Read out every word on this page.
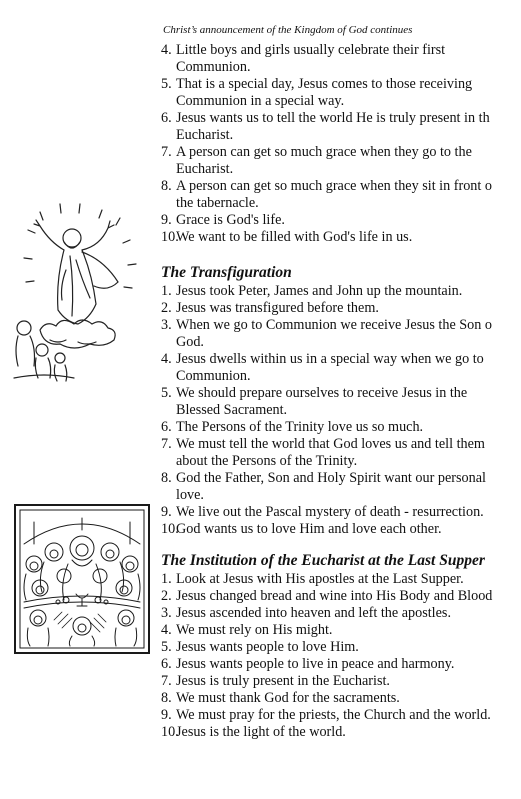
Christ’s announcement of the Kingdom of God continues
4. Little boys and girls usually celebrate their first
Communion.
5. That is a special day, Jesus comes to those receiving
Communion in a special way.
6. Jesus wants us to tell the world He is truly present in th
Eucharist.
7. A person can get so much grace when they go to the
Eucharist.
8. A person can get so much grace when they sit in front o
the tabernacle.
9. Grace is God's life.
10.
We want to be filled with God's life in us.
The Transfiguration
1. Jesus took Peter, James and John up the mountain.
2. Jesus was transfigured before them.
3. When we go to Communion we receive Jesus the Son o
God.
4. Jesus dwells within us in a special way when we go to
Communion.
5. We should prepare ourselves to receive Jesus in the
Blessed Sacrament.
6. The Persons of the Trinity love us so much.
7. We must tell the world that God loves us and tell them
about the Persons of the Trinity.
8. God the Father, Son and Holy Spirit want our personal
love.
9. We live out the Pascal mystery of death - resurrection.
10.
God wants us to love Him and love each other.
The Institution of the Eucharist at the Last Supper
1. Look at Jesus with His apostles at the Last Supper.
2. Jesus changed bread and wine into His Body and Blood
3. Jesus ascended into heaven and left the apostles.
4. We must rely on His might.
5. Jesus wants people to love Him.
6. Jesus wants people to live in peace and harmony.
7. Jesus is truly present in the Eucharist.
8. We must thank God for the sacraments.
9. We must pray for the priests, the Church and the world.
10.
Jesus is the light of the world.
